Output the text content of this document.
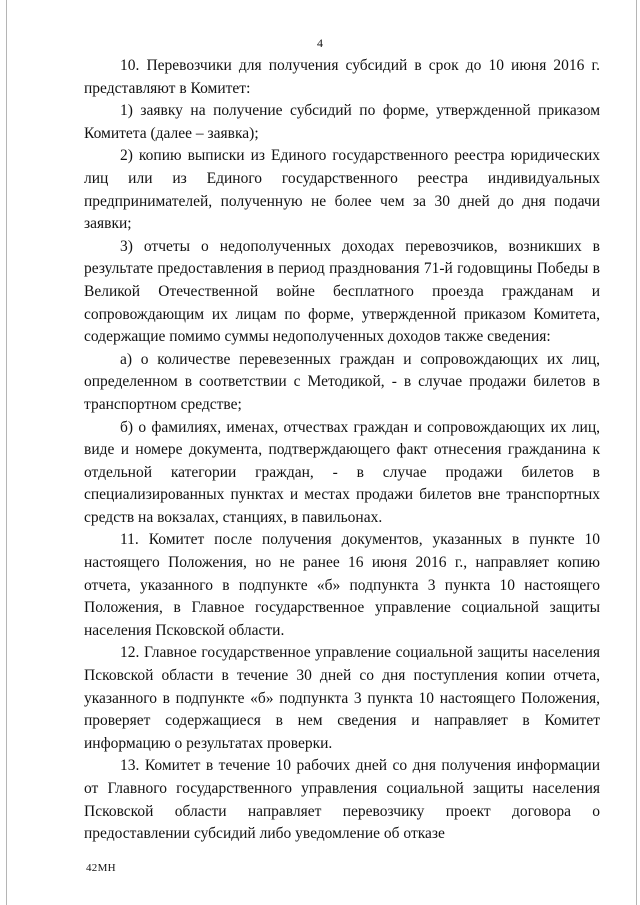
4

10. Перевозчики для получения субсидий в срок до 10 июня 2016 г. представляют в Комитет:

1) заявку на получение субсидий по форме, утвержденной приказом Комитета (далее – заявка);

2) копию выписки из Единого государственного реестра юридических лиц или из Единого государственного реестра индивидуальных предпринимателей, полученную не более чем за 30 дней до дня подачи заявки;

3) отчеты о недополученных доходах перевозчиков, возникших в результате предоставления в период празднования 71-й годовщины Победы в Великой Отечественной войне бесплатного проезда гражданам и сопровождающим их лицам по форме, утвержденной приказом Комитета, содержащие помимо суммы недополученных доходов также сведения:

а) о количестве перевезенных граждан и сопровождающих их лиц, определенном в соответствии с Методикой, - в случае продажи билетов в транспортном средстве;

б) о фамилиях, именах, отчествах граждан и сопровождающих их лиц, виде и номере документа, подтверждающего факт отнесения гражданина к отдельной категории граждан, - в случае продажи билетов в специализированных пунктах и местах продажи билетов вне транспортных средств на вокзалах, станциях, в павильонах.

11. Комитет после получения документов, указанных в пункте 10 настоящего Положения, но не ранее 16 июня 2016 г., направляет копию отчета, указанного в подпункте «б» подпункта 3 пункта 10 настоящего Положения, в Главное государственное управление социальной защиты населения Псковской области.

12. Главное государственное управление социальной защиты населения Псковской области в течение 30 дней со дня поступления копии отчета, указанного в подпункте «б» подпункта 3 пункта 10 настоящего Положения, проверяет содержащиеся в нем сведения и направляет в Комитет информацию о результатах проверки.

13. Комитет в течение 10 рабочих дней со дня получения информации от Главного государственного управления социальной защиты населения Псковской области направляет перевозчику проект договора о предоставлении субсидий либо уведомление об отказе

42МН
